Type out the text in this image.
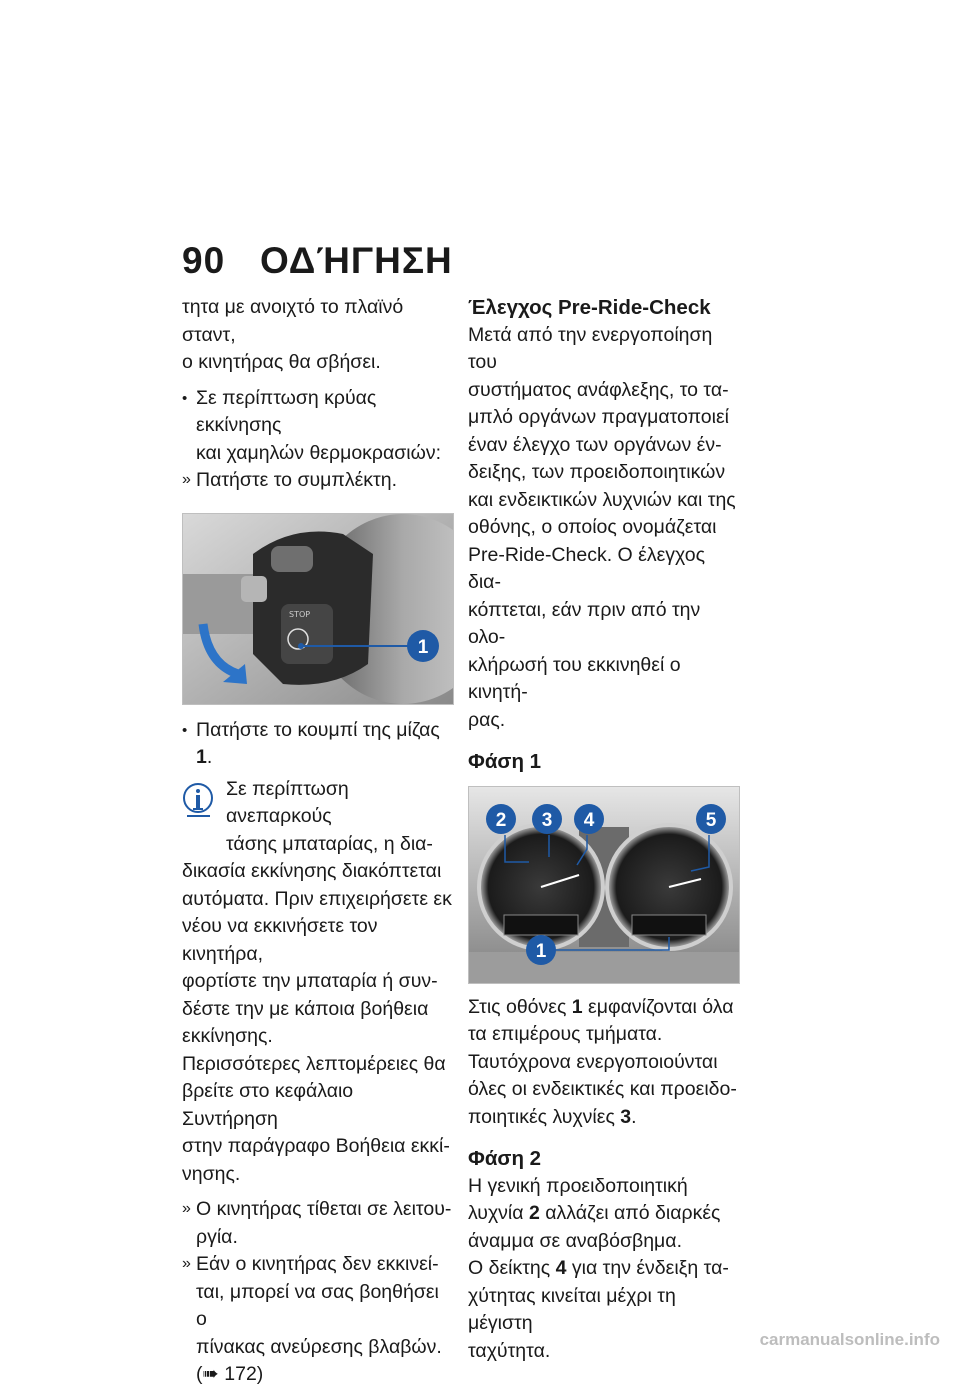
90 ΟΔΉΓΗΣΗ

τητα με ανοιχτό το πλαϊνό σταντ,
ο κινητήρας θα σβήσει.

• Σε περίπτωση κρύας εκκίνησης
και χαμηλών θερμοκρασιών:

» Πατήστε το συμπλέκτη.

STOP
1

• Πατήστε το κουμπί της μίζας 1.

Σε περίπτωση ανεπαρκούς

τάσης μπαταρίας, η δια-

δικασία εκκίνησης διακόπτεται
αυτόματα. Πριν επιχειρήσετε εκ
νέου να εκκινήσετε τον κινητήρα,
φορτίστε την μπαταρία ή συν-
δέστε την με κάποια βοήθεια
εκκίνησης.
Περισσότερες λεπτομέρειες θα
βρείτε στο κεφάλαιο Συντήρηση
στην παράγραφο Βοήθεια εκκί-
νησης.

» Ο κινητήρας τίθεται σε λειτου-
ργία.

» Εάν ο κινητήρας δεν εκκινεί-
ται, μπορεί να σας βοηθήσει ο
πίνακας ανεύρεσης βλαβών.
(➠ 172)

Έλεγχος Pre-Ride-Check

Μετά από την ενεργοποίηση του
συστήματος ανάφλεξης, το τα-
μπλό οργάνων πραγματοποιεί
έναν έλεγχο των οργάνων έν-
δειξης, των προειδοποιητικών
και ενδεικτικών λυχνιών και της
οθόνης, ο οποίος ονομάζεται
Pre-Ride-Check. Ο έλεγχος δια-
κόπτεται, εάν πριν από την ολο-
κλήρωσή του εκκινηθεί ο κινητή-
ρας.

Φάση 1

2 3 4	5
1

Στις οθόνες 1 εμφανίζονται όλα
τα επιμέρους τμήματα.
Ταυτόχρονα ενεργοποιούνται
όλες οι ενδεικτικές και προειδο-
ποιητικές λυχνίες 3.

Φάση 2

Η γενική προειδοποιητική
λυχνία 2 αλλάζει από διαρκές
άναμμα σε αναβόσβημα.
Ο δείκτης 4 για την ένδειξη τα-
χύτητας κινείται μέχρι τη μέγιστη
ταχύτητα.	carmanualsonline.info
